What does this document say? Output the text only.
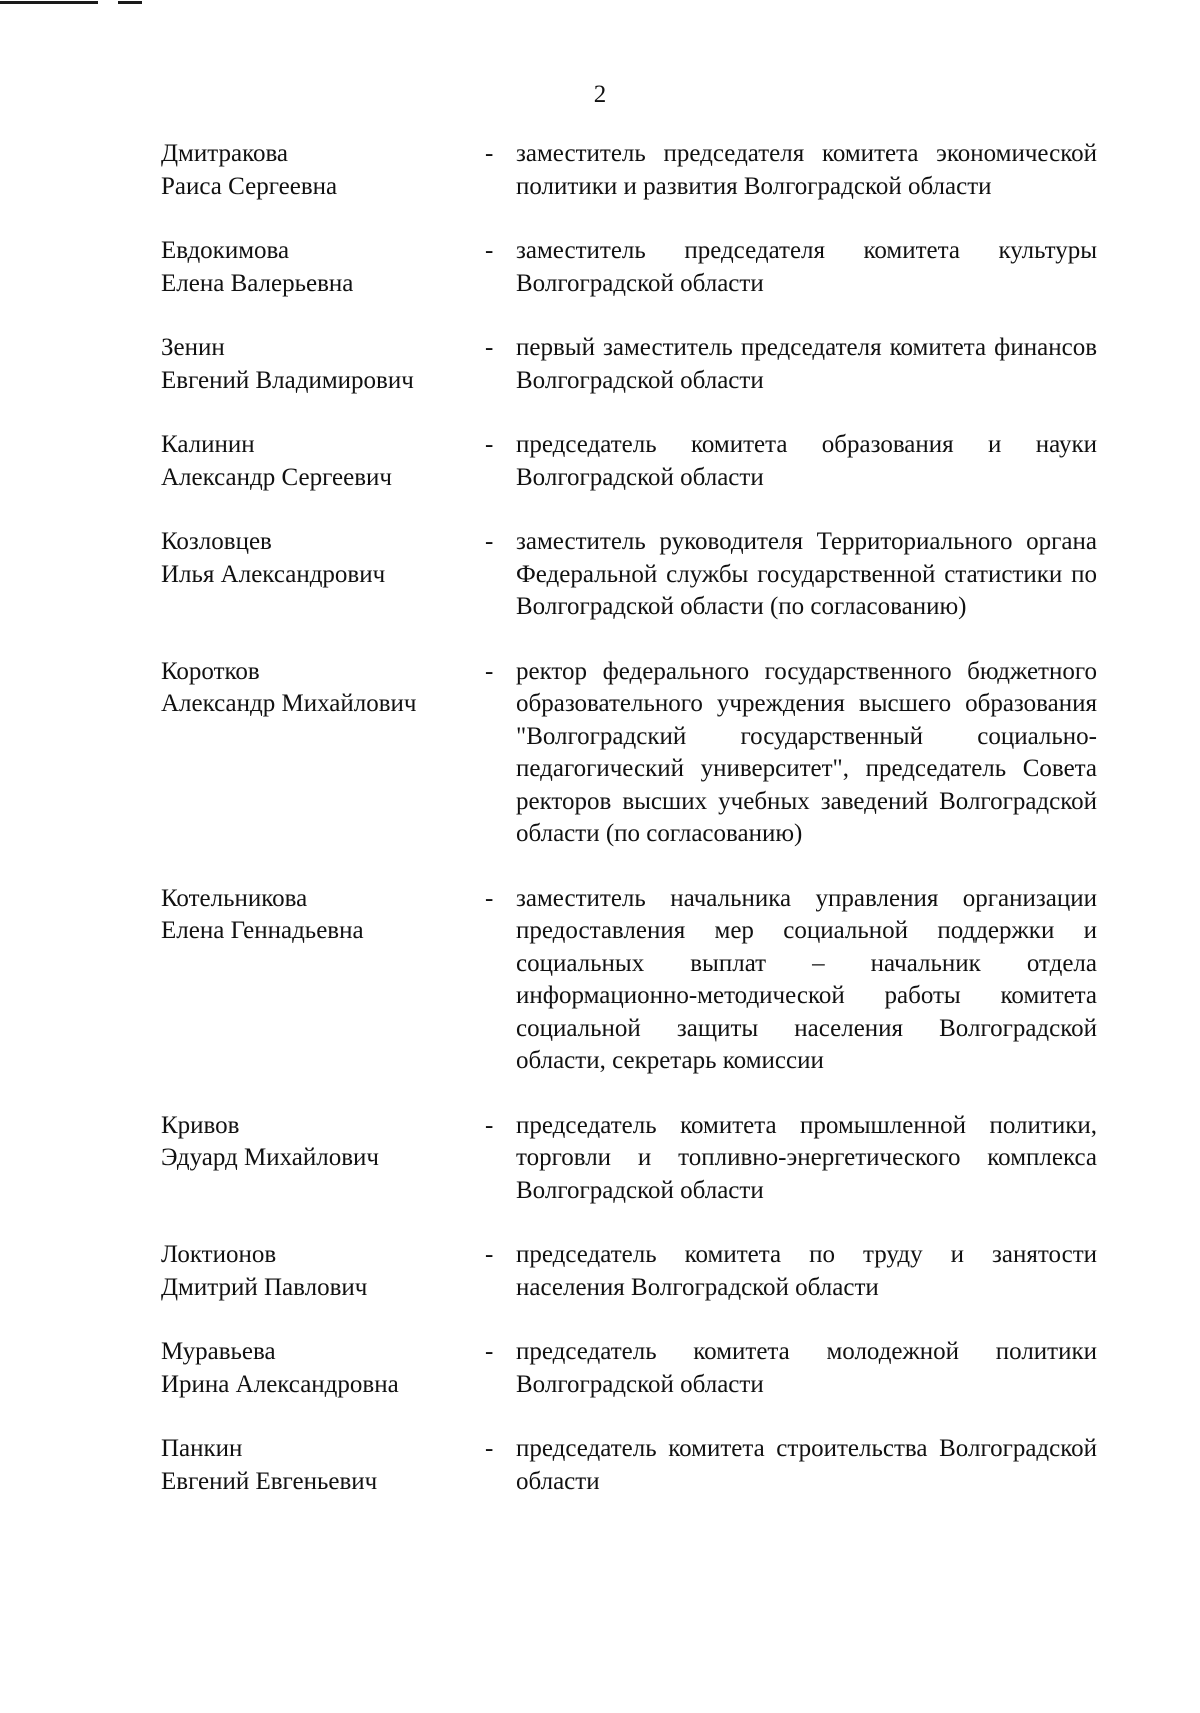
2
Дмитракова
Раиса Сергеевна
- заместитель председателя комитета экономической политики и развития Волгоградской области
Евдокимова
Елена Валерьевна
- заместитель председателя комитета культуры Волгоградской области
Зенин
Евгений Владимирович
- первый заместитель председателя комитета финансов Волгоградской области
Калинин
Александр Сергеевич
- председатель комитета образования и науки Волгоградской области
Козловцев
Илья Александрович
- заместитель руководителя Территориального органа Федеральной службы государственной статистики по Волгоградской области (по согласованию)
Коротков
Александр Михайлович
- ректор федерального государственного бюджетного образовательного учреждения высшего образования "Волгоградский государственный социально-педагогический университет", председатель Совета ректоров высших учебных заведений Волгоградской области (по согласованию)
Котельникова
Елена Геннадьевна
- заместитель начальника управления организации предоставления мер социальной поддержки и социальных выплат – начальник отдела информационно-методической работы комитета социальной защиты населения Волгоградской области, секретарь комиссии
Кривов
Эдуард Михайлович
- председатель комитета промышленной политики, торговли и топливно-энергетического комплекса Волгоградской области
Локтионов
Дмитрий Павлович
- председатель комитета по труду и занятости населения Волгоградской области
Муравьева
Ирина Александровна
- председатель комитета молодежной политики Волгоградской области
Панкин
Евгений Евгеньевич
- председатель комитета строительства Волгоградской области
